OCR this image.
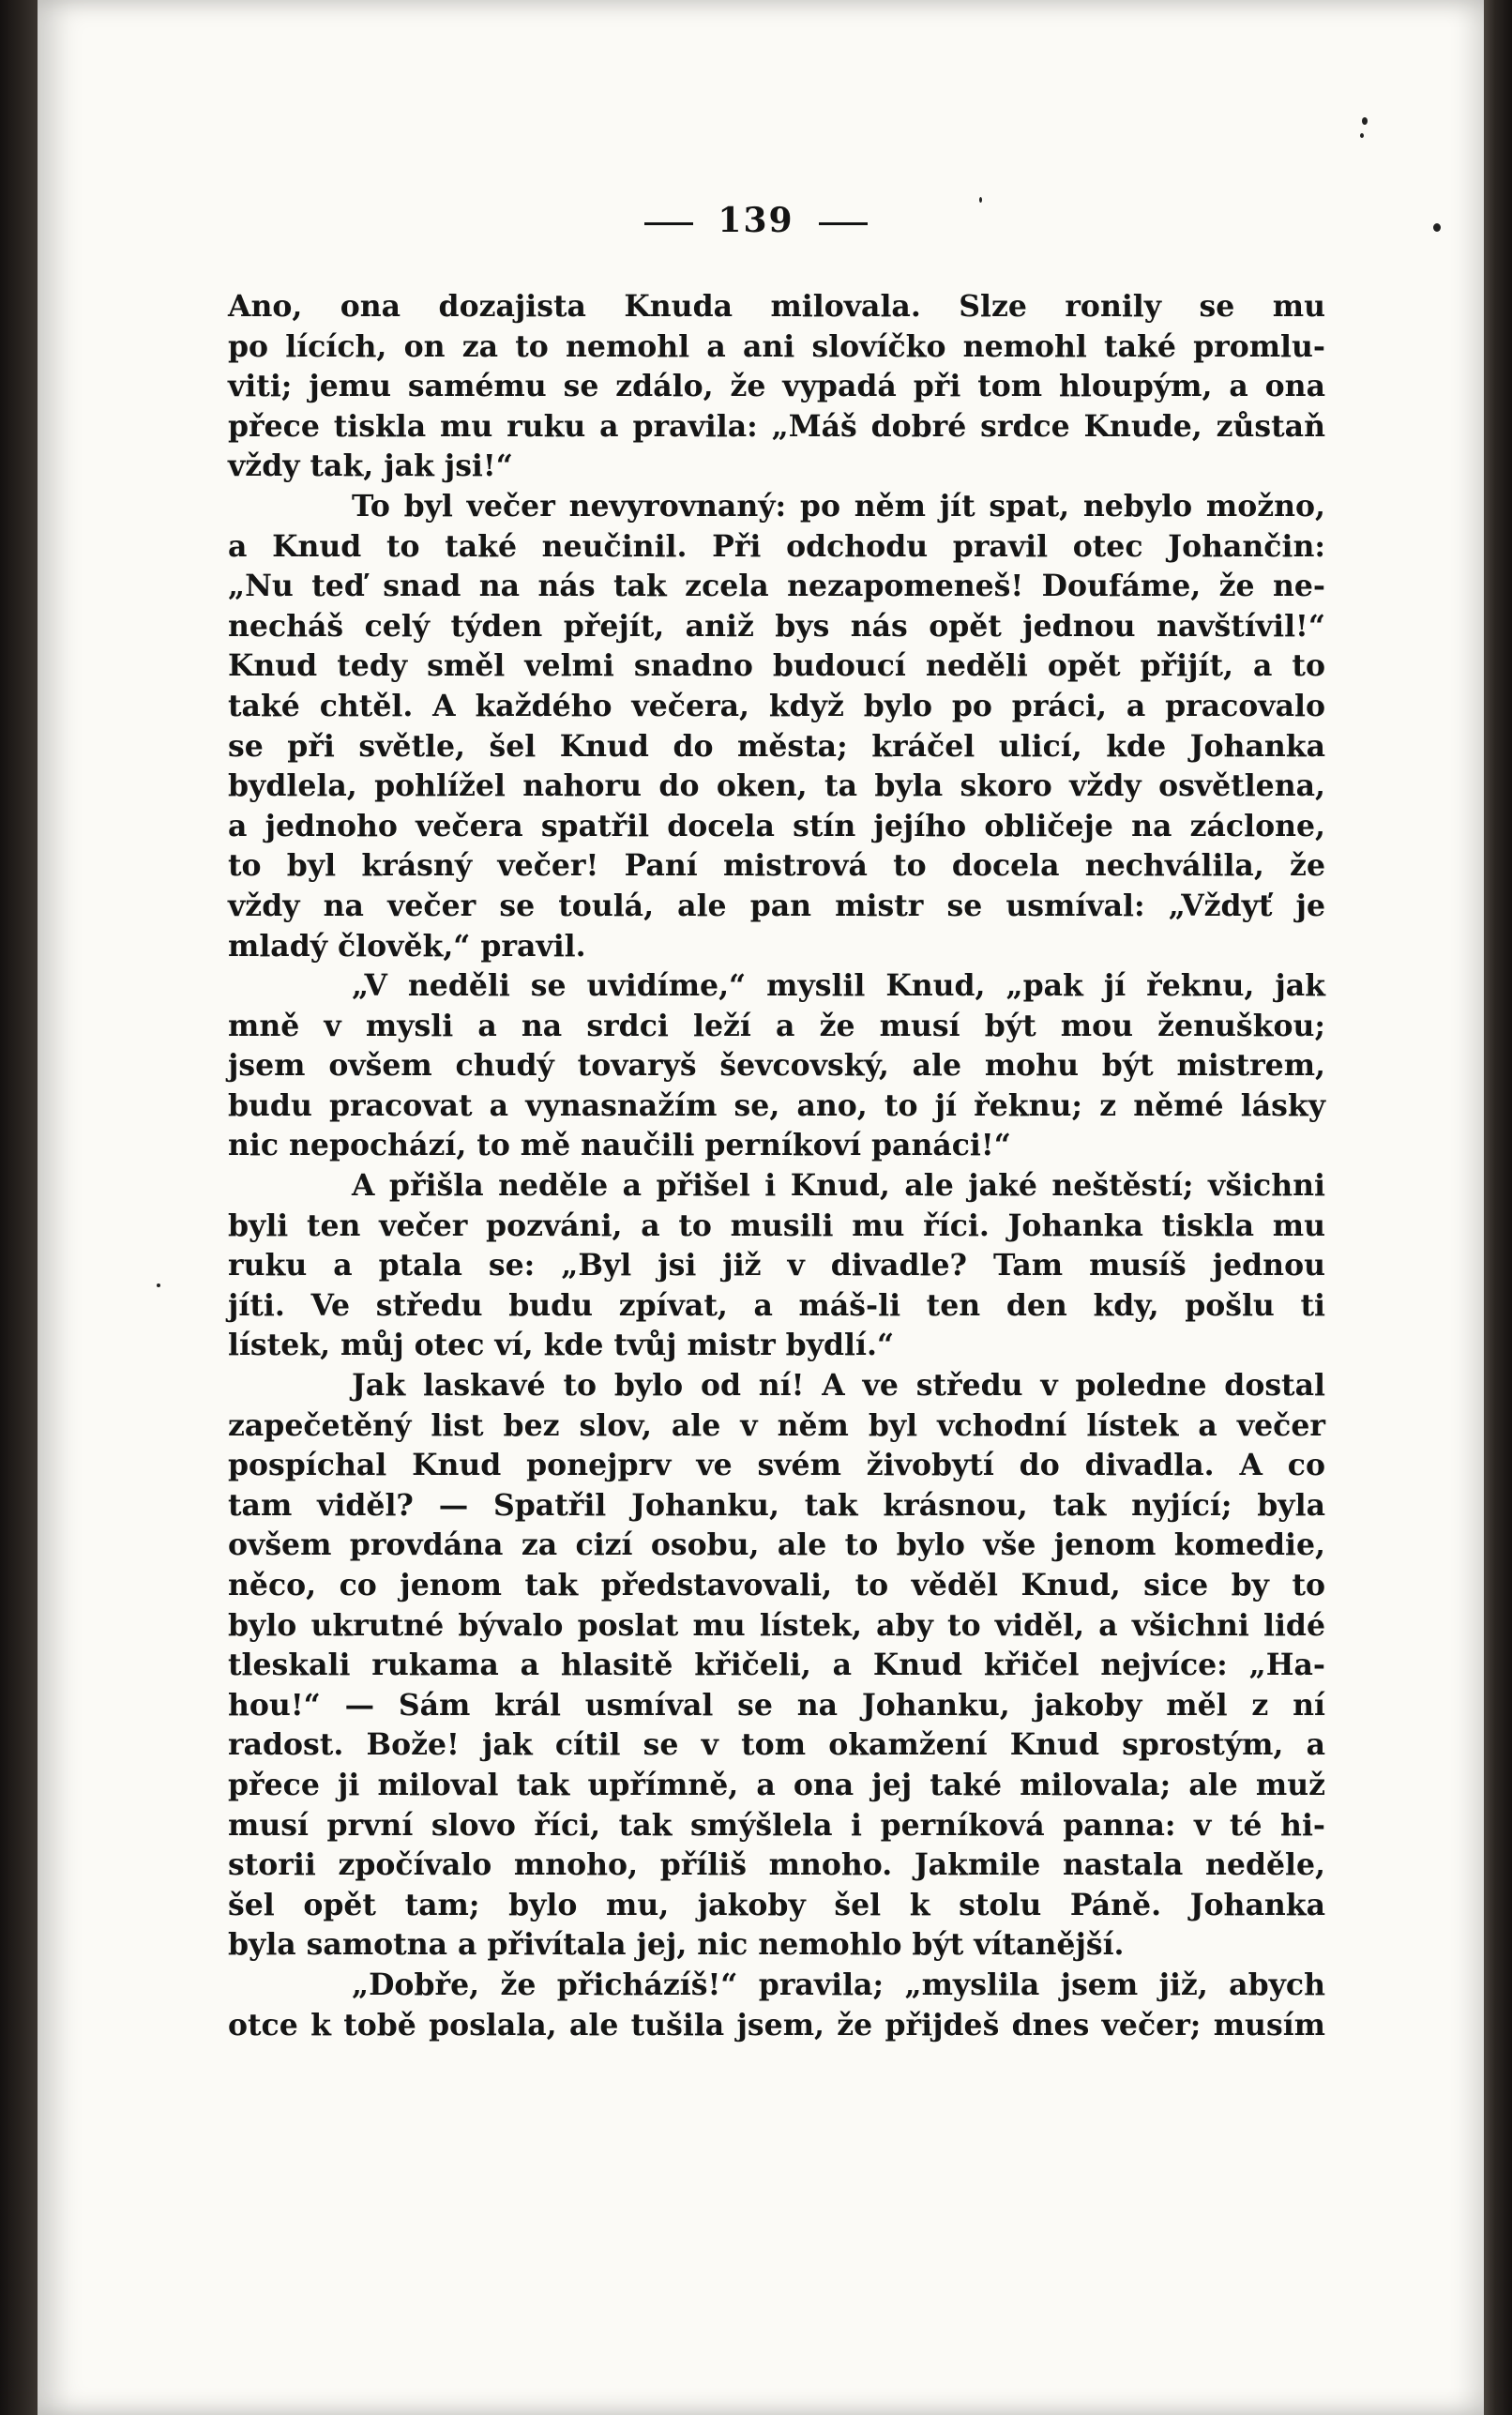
139
Ano, ona dozajista Knuda milovala. Slze ronily se mu
po lících, on za to nemohl a ani slovíčko nemohl také promlu-
viti; jemu samému se zdálo, že vypadá při tom hloupým, a ona
přece tiskla mu ruku a pravila: „Máš dobré srdce Knude, zůstaň
vždy tak, jak jsi!“
To byl večer nevyrovnaný: po něm jít spat, nebylo možno,
a Knud to také neučinil. Při odchodu pravil otec Johančin:
„Nu teď snad na nás tak zcela nezapomeneš! Doufáme, že ne-
necháš celý týden přejít, aniž bys nás opět jednou navštívil!“
Knud tedy směl velmi snadno budoucí neděli opět přijít, a to
také chtěl. A každého večera, když bylo po práci, a pracovalo
se při světle, šel Knud do města; kráčel ulicí, kde Johanka
bydlela, pohlížel nahoru do oken, ta byla skoro vždy osvětlena,
a jednoho večera spatřil docela stín jejího obličeje na záclone,
to byl krásný večer! Paní mistrová to docela nechválila, že
vždy na večer se toulá, ale pan mistr se usmíval: „Vždyť je
mladý člověk,“ pravil.
„V neděli se uvidíme,“ myslil Knud, „pak jí řeknu, jak
mně v mysli a na srdci leží a že musí být mou ženuškou;
jsem ovšem chudý tovaryš ševcovský, ale mohu být mistrem,
budu pracovat a vynasnažím se, ano, to jí řeknu; z němé lásky
nic nepochází, to mě naučili perníkoví panáci!“
A přišla neděle a přišel i Knud, ale jaké neštěstí; všichni
byli ten večer pozváni, a to musili mu říci. Johanka tiskla mu
ruku a ptala se: „Byl jsi již v divadle? Tam musíš jednou
jíti. Ve středu budu zpívat, a máš-li ten den kdy, pošlu ti
lístek, můj otec ví, kde tvůj mistr bydlí.“
Jak laskavé to bylo od ní! A ve středu v poledne dostal
zapečetěný list bez slov, ale v něm byl vchodní lístek a večer
pospíchal Knud ponejprv ve svém živobytí do divadla. A co
tam viděl? — Spatřil Johanku, tak krásnou, tak nyjící; byla
ovšem provdána za cizí osobu, ale to bylo vše jenom komedie,
něco, co jenom tak představovali, to věděl Knud, sice by to
bylo ukrutné bývalo poslat mu lístek, aby to viděl, a všichni lidé
tleskali rukama a hlasitě křičeli, a Knud křičel nejvíce: „Ha-
hou!“ — Sám král usmíval se na Johanku, jakoby měl z ní
radost. Bože! jak cítil se v tom okamžení Knud sprostým, a
přece ji miloval tak upřímně, a ona jej také milovala; ale muž
musí první slovo říci, tak smýšlela i perníková panna: v té hi-
storii zpočívalo mnoho, příliš mnoho. Jakmile nastala neděle,
šel opět tam; bylo mu, jakoby šel k stolu Páně. Johanka
byla samotna a přivítala jej, nic nemohlo být vítanější.
„Dobře, že přicházíš!“ pravila; „myslila jsem již, abych
otce k tobě poslala, ale tušila jsem, že přijdeš dnes večer; musím
